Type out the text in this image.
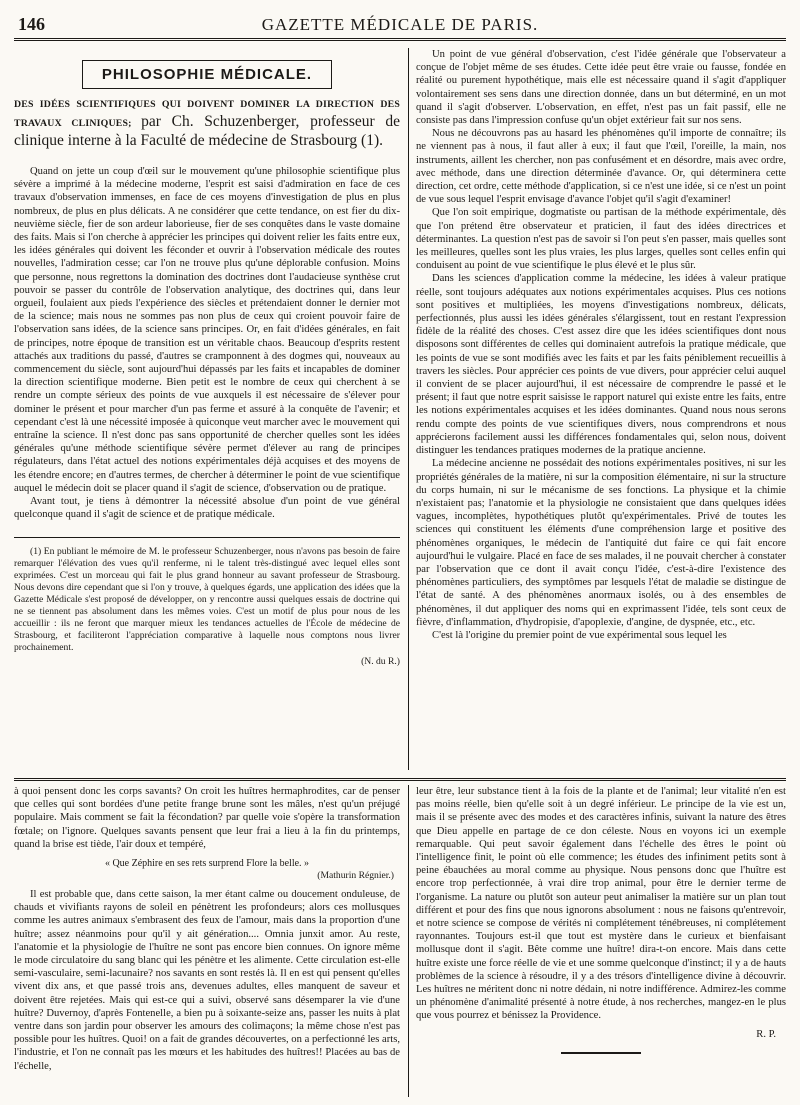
146	GAZETTE MÉDICALE DE PARIS.
PHILOSOPHIE MÉDICALE.
DES IDÉES SCIENTIFIQUES QUI DOIVENT DOMINER LA DIRECTION DES TRAVAUX CLINIQUES; par Ch. Schuzenberger, professeur de clinique interne à la Faculté de médecine de Strasbourg (1).

Quand on jette un coup d'œil sur le mouvement qu'une philosophie scientifique plus sévère a imprimé à la médecine moderne, l'esprit est saisi d'admiration en face de ces travaux d'observation immenses, en face de ces moyens d'investigation de plus en plus nombreux, de plus en plus délicats. A ne considérer que cette tendance, on est fier du dix-neuvième siècle, fier de son ardeur laborieuse, fier de ses conquêtes dans le vaste domaine des faits. Mais si l'on cherche à apprécier les principes qui doivent relier les faits entre eux, les idées générales qui doivent les féconder et ouvrir à l'observation médicale des routes nouvelles, l'admiration cesse; car l'on ne trouve plus qu'une déplorable confusion. Moins que personne, nous regrettons la domination des doctrines dont l'audacieuse synthèse crut pouvoir se passer du contrôle de l'observation analytique, des doctrines qui, dans leur orgueil, foulaient aux pieds l'expérience des siècles et prétendaient donner le dernier mot de la science; mais nous ne sommes pas non plus de ceux qui croient pouvoir faire de l'observation sans idées, de la science sans principes. Or, en fait d'idées générales, en fait de principes, notre époque de transition est un véritable chaos. Beaucoup d'esprits restent attachés aux traditions du passé, d'autres se cramponnent à des dogmes qui, nouveaux au commencement du siècle, sont aujourd'hui dépassés par les faits et incapables de dominer la direction scientifique moderne. Bien petit est le nombre de ceux qui cherchent à se rendre un compte sérieux des points de vue auxquels il est nécessaire de s'élever pour dominer le présent et pour marcher d'un pas ferme et assuré à la conquête de l'avenir; et cependant c'est là une nécessité imposée à quiconque veut marcher avec le mouvement qui entraîne la science. Il n'est donc pas sans opportunité de chercher quelles sont les idées générales qu'une méthode scientifique sévère permet d'élever au rang de principes régulateurs, dans l'état actuel des notions expérimentales déjà acquises et des moyens de les étendre encore; en d'autres termes, de chercher à déterminer le point de vue scientifique auquel le médecin doit se placer quand il s'agit de science, d'observation ou de pratique.

Avant tout, je tiens à démontrer la nécessité absolue d'un point de vue général quelconque quand il s'agit de science et de pratique médicale.

(1) En publiant le mémoire de M. le professeur Schuzenberger, nous n'avons pas besoin de faire remarquer l'élévation des vues qu'il renferme, ni le talent très-distingué avec lequel elles sont exprimées. C'est un morceau qui fait le plus grand honneur au savant professeur de Strasbourg. Nous devons dire cependant que si l'on y trouve, à quelques égards, une application des idées que la Gazette Médicale s'est proposé de développer, on y rencontre aussi quelques essais de doctrine qui ne se tiennent pas absolument dans les mêmes voies. C'est un motif de plus pour nous de les accueillir : ils ne feront que marquer mieux les tendances actuelles de l'École de médecine de Strasbourg, et faciliteront l'appréciation comparative à laquelle nous comptons nous livrer prochainement.

(N. du R.)

Un point de vue général d'observation, c'est l'idée générale que l'observateur a conçue de l'objet même de ses études. Cette idée peut être vraie ou fausse, fondée en réalité ou purement hypothétique, mais elle est nécessaire quand il s'agit d'appliquer volontairement ses sens dans une direction donnée, dans un but déterminé, en un mot quand il s'agit d'observer. L'observation, en effet, n'est pas un fait passif, elle ne consiste pas dans l'impression confuse qu'un objet extérieur fait sur nos sens.

Nous ne découvrons pas au hasard les phénomènes qu'il importe de connaître; ils ne viennent pas à nous, il faut aller à eux; il faut que l'œil, l'oreille, la main, nos instruments, aillent les chercher, non pas confusément et en désordre, mais avec ordre, avec méthode, dans une direction déterminée d'avance. Or, qui déterminera cette direction, cet ordre, cette méthode d'application, si ce n'est une idée, si ce n'est un point de vue sous lequel l'esprit envisage d'avance l'objet qu'il s'agit d'examiner!

Que l'on soit empirique, dogmatiste ou partisan de la méthode expérimentale, dès que l'on prétend être observateur et praticien, il faut des idées directrices et déterminantes. La question n'est pas de savoir si l'on peut s'en passer, mais quelles sont les meilleures, quelles sont les plus vraies, les plus larges, quelles sont celles enfin qui conduisent au point de vue scientifique le plus élevé et le plus sûr.

Dans les sciences d'application comme la médecine, les idées à valeur pratique réelle, sont toujours adéquates aux notions expérimentales acquises. Plus ces notions sont positives et multipliées, les moyens d'investigations nombreux, délicats, perfectionnés, plus aussi les idées générales s'élargissent, tout en restant l'expression fidèle de la réalité des choses. C'est assez dire que les idées scientifiques dont nous disposons sont différentes de celles qui dominaient autrefois la pratique médicale, que les points de vue se sont modifiés avec les faits et par les faits péniblement recueillis à travers les siècles. Pour apprécier ces points de vue divers, pour apprécier celui auquel il convient de se placer aujourd'hui, il est nécessaire de comprendre le passé et le présent; il faut que notre esprit saisisse le rapport naturel qui existe entre les faits, entre les notions expérimentales acquises et les idées dominantes. Quand nous nous serons rendu compte des points de vue scientifiques divers, nous comprendrons et nous apprécierons facilement aussi les différences fondamentales qui, selon nous, doivent distinguer les tendances pratiques modernes de la pratique ancienne.

La médecine ancienne ne possédait des notions expérimentales positives, ni sur les propriétés générales de la matière, ni sur la composition élémentaire, ni sur la structure du corps humain, ni sur le mécanisme de ses fonctions. La physique et la chimie n'existaient pas; l'anatomie et la physiologie ne consistaient que dans quelques idées vagues, incomplètes, hypothétiques plutôt qu'expérimentales. Privé de toutes les sciences qui constituent les éléments d'une compréhension large et positive des phénomènes organiques, le médecin de l'antiquité dut faire ce qui fait encore aujourd'hui le vulgaire. Placé en face de ses malades, il ne pouvait chercher à constater par l'observation que ce dont il avait conçu l'idée, c'est-à-dire l'existence des phénomènes particuliers, des symptômes par lesquels l'état de maladie se distingue de l'état de santé. A des phénomènes anormaux isolés, ou à des ensembles de phénomènes, il dut appliquer des noms qui en exprimassent l'idée, tels sont ceux de fièvre, d'inflammation, d'hydropisie, d'apoplexie, d'angine, de dyspnée, etc., etc.

C'est là l'origine du premier point de vue expérimental sous lequel les

à quoi pensent donc les corps savants? On croit les huîtres hermaphrodites, car de penser que celles qui sont bordées d'une petite frange brune sont les mâles, n'est qu'un préjugé populaire. Mais comment se fait la fécondation? par quelle voie s'opère la transformation fœtale; on l'ignore. Quelques savants pensent que leur frai a lieu à la fin du printemps, quand la brise est tiède, l'air doux et tempéré,

« Que Zéphire en ses rets surprend Flore la belle. »
(Mathurin Régnier.)

Il est probable que, dans cette saison, la mer étant calme ou doucement onduleuse, de chauds et vivifiants rayons de soleil en pénètrent les profondeurs; alors ces mollusques comme les autres animaux s'embrasent des feux de l'amour, mais dans la proportion d'une huître; assez néanmoins pour qu'il y ait génération.... Omnia junxit amor. Au reste, l'anatomie et la physiologie de l'huître ne sont pas encore bien connues. On ignore même le mode circulatoire du sang blanc qui les pénètre et les alimente. Cette circulation est-elle semi-vasculaire, semi-lacunaire? nos savants en sont restés là. Il en est qui pensent qu'elles vivent dix ans, et que passé trois ans, devenues adultes, elles manquent de saveur et doivent être rejetées. Mais qui est-ce qui a suivi, observé sans désemparer la vie d'une huître? Duvernoy, d'après Fontenelle, a bien pu à soixante-seize ans, passer les nuits à plat ventre dans son jardin pour observer les amours des colimaçons; la même chose n'est pas possible pour les huîtres. Quoi! on a fait de grandes découvertes, on a perfectionné les arts, l'industrie, et l'on ne connaît pas les mœurs et les habitudes des huîtres!! Placées au bas de l'échelle,

leur être, leur substance tient à la fois de la plante et de l'animal; leur vitalité n'en est pas moins réelle, bien qu'elle soit à un degré inférieur. Le principe de la vie est un, mais il se présente avec des modes et des caractères infinis, suivant la nature des êtres que Dieu appelle en partage de ce don céleste. Nous en voyons ici un exemple remarquable. Qui peut savoir également dans l'échelle des êtres le point où l'intelligence finit, le point où elle commence; les études des infiniment petits sont à peine ébauchées au moral comme au physique. Nous pensons donc que l'huître est encore trop perfectionnée, à vrai dire trop animal, pour être le dernier terme de l'organisme. La nature ou plutôt son auteur peut animaliser la matière sur un plan tout différent et pour des fins que nous ignorons absolument : nous ne faisons qu'entrevoir, et notre science se compose de vérités ni complétement ténébreuses, ni complétement rayonnantes. Toujours est-il que tout est mystère dans le curieux et bienfaisant mollusque dont il s'agit. Bête comme une huître! dira-t-on encore. Mais dans cette huître existe une force réelle de vie et une somme quelconque d'instinct; il y a de hauts problèmes de la science à résoudre, il y a des trésors d'intelligence divine à découvrir. Les huîtres ne méritent donc ni notre dédain, ni notre indifférence. Admirez-les comme un phénomène d'animalité présenté à notre étude, à nos recherches, mangez-en le plus que vous pourrez et bénissez la Providence.

R. P.
